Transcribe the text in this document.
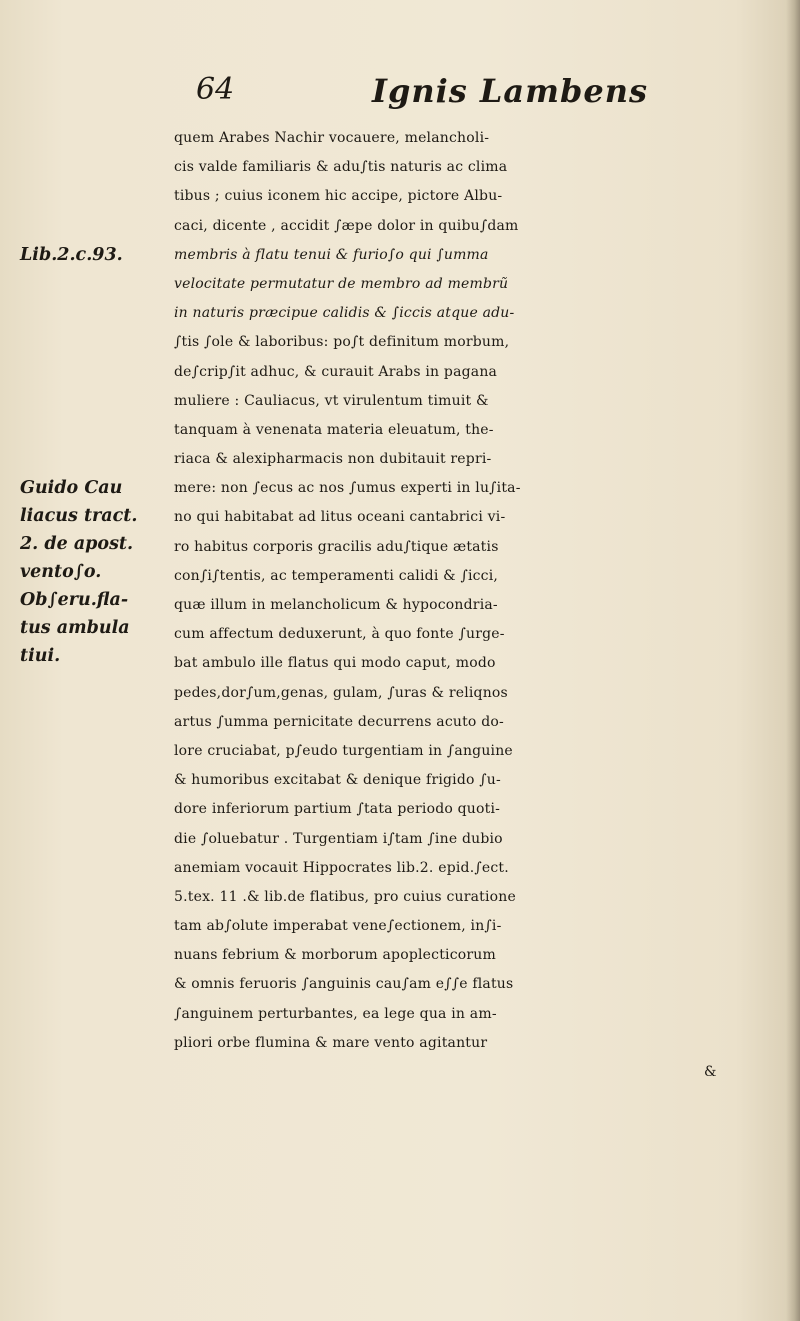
64	Ignis Lambens
Lib.2.c.93.
Guido Cau
liacus tract.
2. de apost.
vento∫o.
Ob∫eru.fla-
tus ambula
tiui.
quem Arabes Nachir vocauere, melancholi-
cis valde familiaris & adu∫tis naturis ac clima
tibus ; cuius iconem hic accipe, pictore Albu-
caci, dicente , accidit ∫æpe dolor in quibu∫dam
membris à flatu tenui & furio∫o qui ∫umma
velocitate permutatur de membro ad membrũ
in naturis præcipue calidis & ∫iccis atque adu-
∫tis ∫ole & laboribus: po∫t definitum morbum,
de∫crip∫it adhuc, & curauit Arabs in pagana
muliere : Cauliacus, vt virulentum timuit &
tanquam à venenata materia eleuatum, the-
riaca & alexipharmacis non dubitauit repri-
mere: non ∫ecus ac nos ∫umus experti in lu∫ita-
no qui habitabat ad litus oceani cantabrici vi-
ro habitus corporis gracilis adu∫tique ætatis
con∫i∫tentis, ac temperamenti calidi & ∫icci,
quæ illum in melancholicum & hypocondria-
cum affectum deduxerunt, à quo fonte ∫urge-
bat ambulo ille flatus qui modo caput, modo
pedes,dor∫um,genas, gulam, ∫uras & reliqnos
artus ∫umma pernicitate decurrens acuto do-
lore cruciabat, p∫eudo turgentiam in ∫anguine
& humoribus excitabat & denique frigido ∫u-
dore inferiorum partium ∫tata periodo quoti-
die ∫oluebatur . Turgentiam i∫tam ∫ine dubio
anemiam vocauit Hippocrates lib.2. epid.∫ect.
5.tex. 11 .& lib.de flatibus, pro cuius curatione
tam ab∫olute imperabat vene∫ectionem, in∫i-
nuans febrium & morborum apoplecticorum
& omnis feruoris ∫anguinis cau∫am e∫∫e flatus
∫anguinem perturbantes, ea lege qua in am-
pliori orbe flumina & mare vento agitantur
&
